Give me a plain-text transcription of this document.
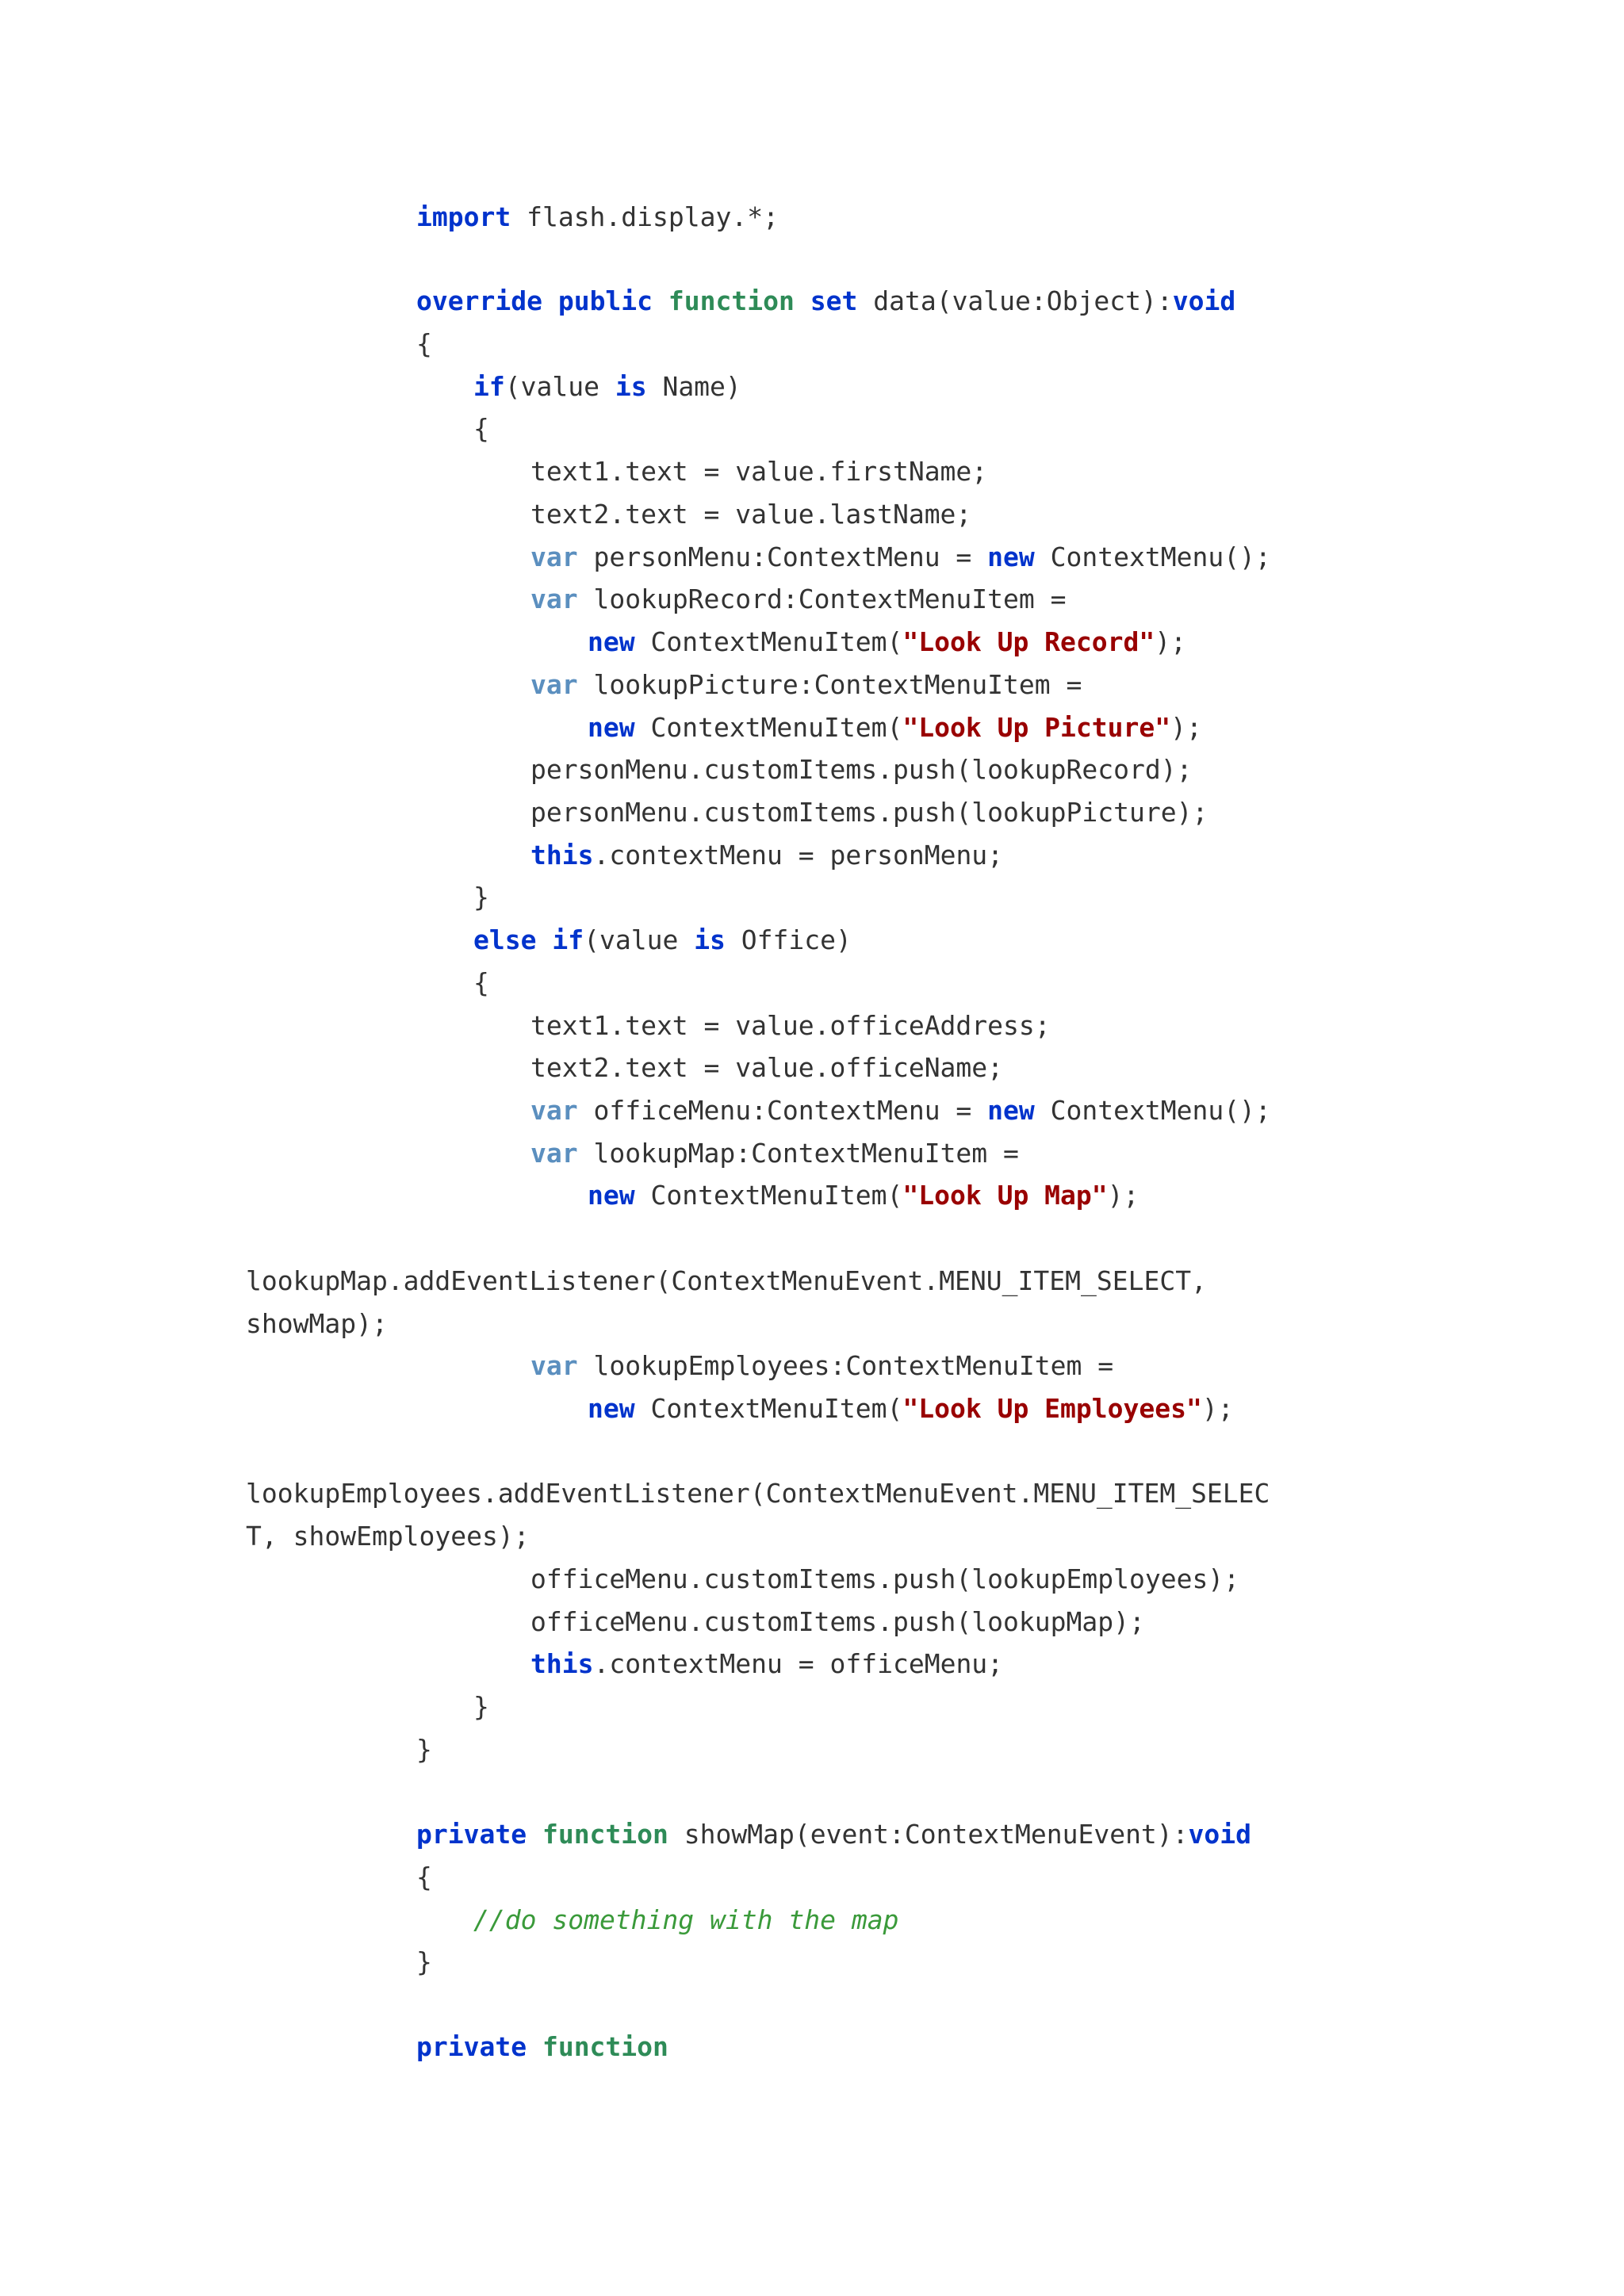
import flash.display.*;
override public function set data(value:Object):void
{
if(value is Name)
{
text1.text = value.firstName;
text2.text = value.lastName;
var personMenu:ContextMenu = new ContextMenu();
var lookupRecord:ContextMenuItem =
new ContextMenuItem("Look Up Record");
var lookupPicture:ContextMenuItem =
new ContextMenuItem("Look Up Picture");
personMenu.customItems.push(lookupRecord);
personMenu.customItems.push(lookupPicture);
this.contextMenu = personMenu;
}
else if(value is Office)
{
text1.text = value.officeAddress;
text2.text = value.officeName;
var officeMenu:ContextMenu = new ContextMenu();
var lookupMap:ContextMenuItem =
new ContextMenuItem("Look Up Map");
lookupMap.addEventListener(ContextMenuEvent.MENU_ITEM_SELECT,
showMap);
var lookupEmployees:ContextMenuItem =
new ContextMenuItem("Look Up Employees");
lookupEmployees.addEventListener(ContextMenuEvent.MENU_ITEM_SELEC
T, showEmployees);
officeMenu.customItems.push(lookupEmployees);
officeMenu.customItems.push(lookupMap);
this.contextMenu = officeMenu;
}
}
private function showMap(event:ContextMenuEvent):void
{
//do something with the map
}
private function
